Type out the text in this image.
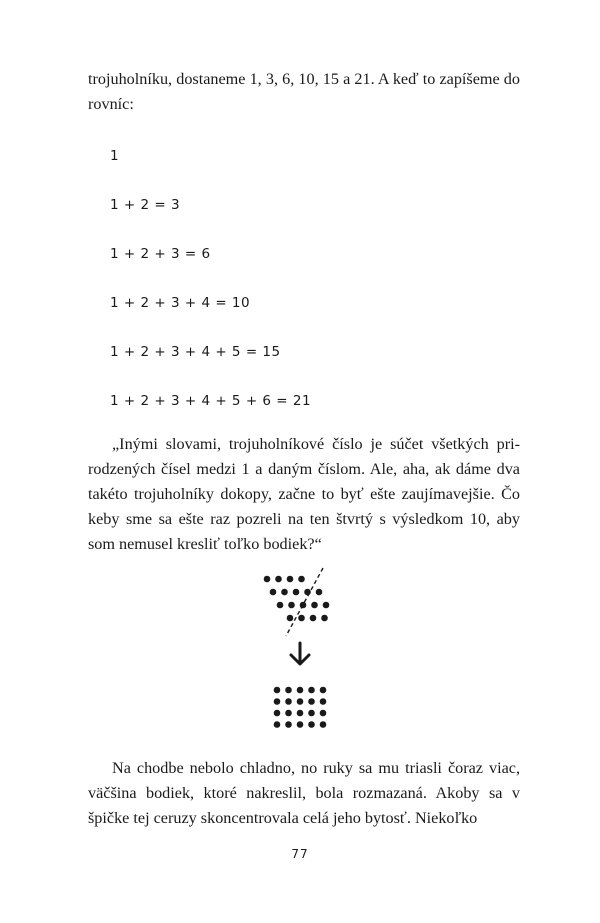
trojuholníku, dostaneme 1, 3, 6, 10, 15 a 21. A keď to zapíšeme do rovníc:

1
1 + 2 = 3
1 + 2 + 3 = 6
1 + 2 + 3 + 4 = 10
1 + 2 + 3 + 4 + 5 = 15
1 + 2 + 3 + 4 + 5 + 6 = 21

„Inými slovami, trojuholníkové číslo je súčet všetkých prirodzených čísel medzi 1 a daným číslom. Ale, aha, ak dáme dva takéto trojuholníky dokopy, začne to byť ešte zaujímavejšie. Čo keby sme sa ešte raz pozreli na ten štvrtý s výsledkom 10, aby som nemusel kresliť toľko bodiek?“

Na chodbe nebolo chladno, no ruky sa mu triasli čoraz viac, väčšina bodiek, ktoré nakreslil, bola rozmazaná. Akoby sa v špičke tej ceruzy skoncentrovala celá jeho bytosť. Niekoľko

77
